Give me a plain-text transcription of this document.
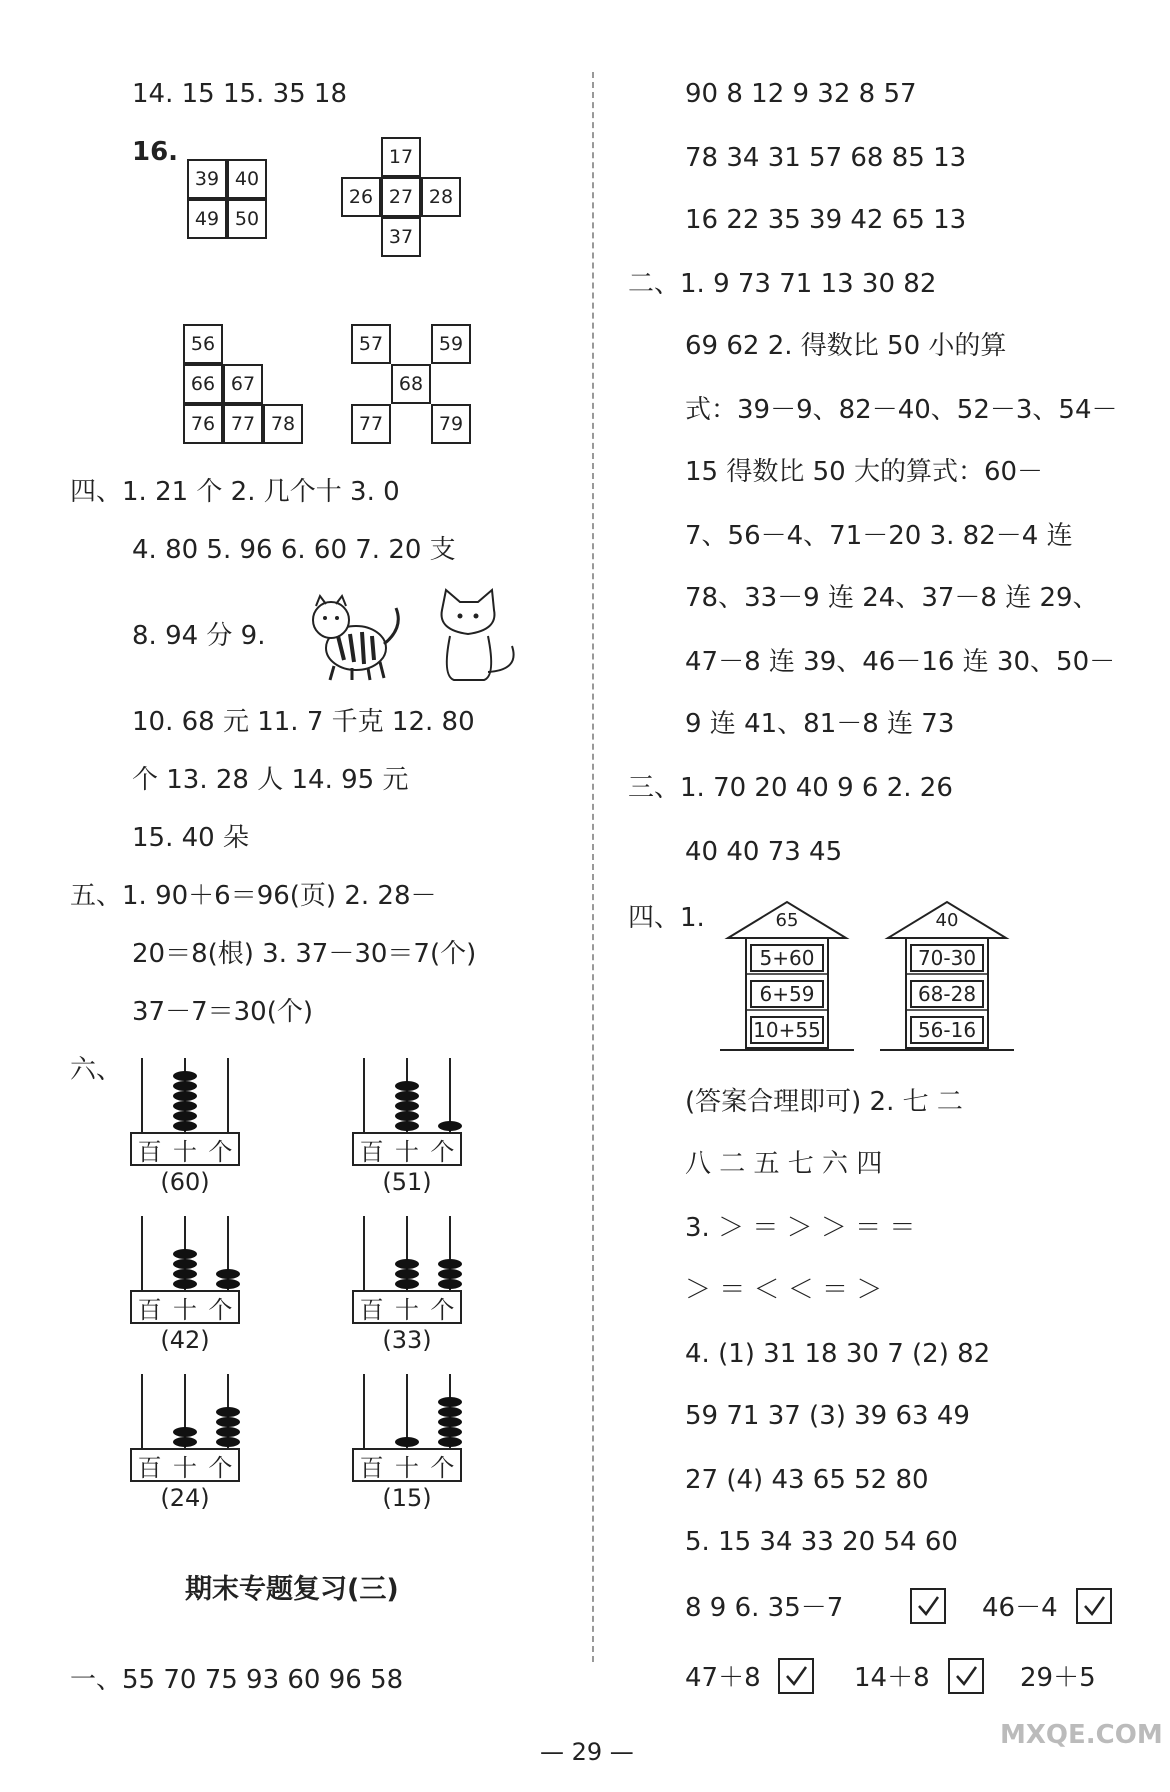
14. 15 15. 35 18
16.
39 40
49 50
17
26 27 28
37
56
66 67
76 77 78
57	59
68
77	79
四、1. 21 个 2. 几个十 3. 0
4. 80 5. 96 6. 60 7. 20 支
8. 94 分 9.
10. 68 元 11. 7 千克 12. 80
个 13. 28 人 14. 95 元
15. 40 朵
五、1. 90＋6＝96(页) 2. 28－
20＝8(根) 3. 37－30＝7(个)
37－7＝30(个)
六、
百 十 个
(60)
百 十 个
(51)
百 十 个
(42)
百 十 个
(33)
百 十 个
(24)
百 十 个
(15)
期末专题复习(三)
一、55 70 75 93 60 96 58
90 8 12 9 32 8 57
78 34 31 57 68 85 13
16 22 35 39 42 65 13
二、1. 9 73 71 13 30 82
69 62 2. 得数比 50 小的算
式：39－9、82－40、52－3、54－
15 得数比 50 大的算式：60－
7、56－4、71－20 3. 82－4 连
78、33－9 连 24、37－8 连 29、
47－8 连 39、46－16 连 30、50－
9 连 41、81－8 连 73
三、1. 70 20 40 9 6 2. 26
40 40 73 45
四、1.	65
5+60
6+59
10+55
40
70-30
68-28
56-16
(答案合理即可) 2. 七 二
八 二 五 七 六 四
3. ＞ ＝ ＞ ＞ ＝ ＝
＞ ＝ ＜ ＜ ＝ ＞
4. (1) 31 18 30 7 (2) 82
59 71 37 (3) 39 63 49
27 (4) 43 65 52 80
5. 15 34 33 20 54 60
8 9 6. 35－7	46－4
47＋8	14＋8	29＋5
— 29 —
MXQE.COM
